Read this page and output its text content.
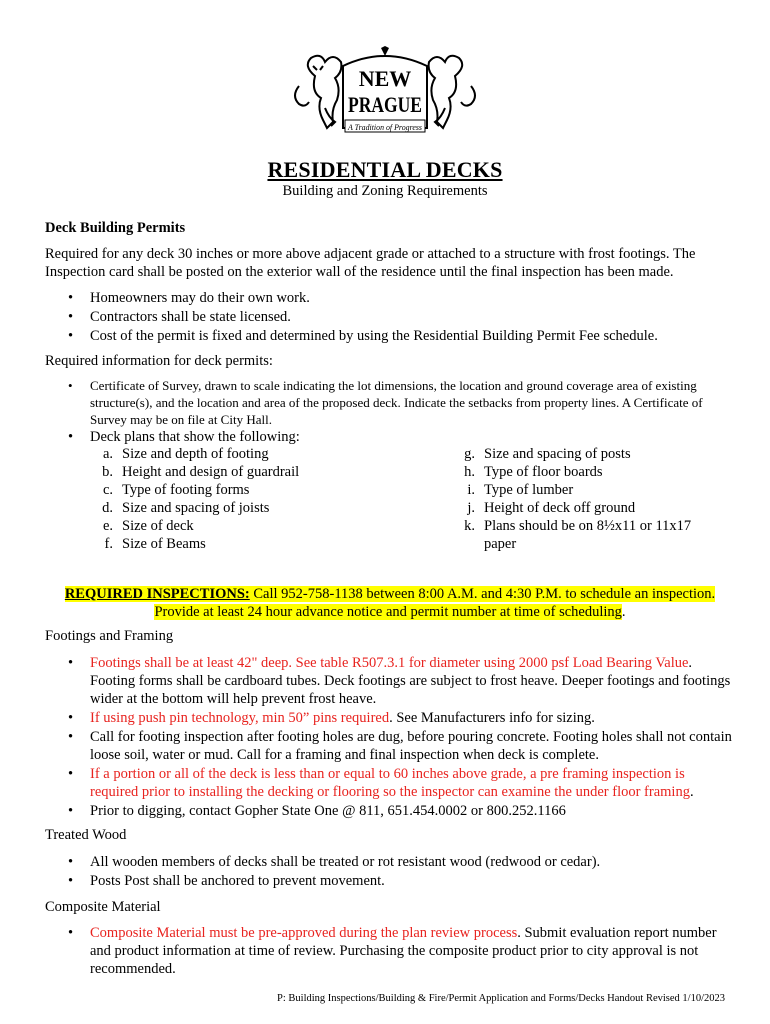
NEW
PRAGUE
A Tradition of Progress
RESIDENTIAL DECKS
Building and Zoning Requirements

Deck Building Permits

Required for any deck 30 inches or more above adjacent grade or attached to a structure with frost footings. The Inspection card shall be posted on the exterior wall of the residence until the final inspection has been made.

• Homeowners may do their own work.
• Contractors shall be state licensed.
• Cost of the permit is fixed and determined by using the Residential Building Permit Fee schedule.

Required information for deck permits:

• Certificate of Survey, drawn to scale indicating the lot dimensions, the location and ground coverage area of existing structure(s), and the location and area of the proposed deck. Indicate the setbacks from property lines. A Certificate of Survey may be on file at City Hall.
• Deck plans that show the following:
a. Size and depth of footing
b. Height and design of guardrail
c. Type of footing forms
d. Size and spacing of joists
e. Size of deck
f. Size of Beams
g. Size and spacing of posts
h. Type of floor boards
i. Type of lumber
j. Height of deck off ground
k. Plans should be on 8½x11 or 11x17 paper
REQUIRED INSPECTIONS: Call 952-758-1138 between 8:00 A.M. and 4:30 P.M. to schedule an inspection. Provide at least 24 hour advance notice and permit number at time of scheduling.

Footings and Framing

• Footings shall be at least 42" deep. See table R507.3.1 for diameter using 2000 psf Load Bearing Value. Footing forms shall be cardboard tubes. Deck footings are subject to frost heave. Deeper footings and footings wider at the bottom will help prevent frost heave.
• If using push pin technology, min 50” pins required. See Manufacturers info for sizing.
• Call for footing inspection after footing holes are dug, before pouring concrete. Footing holes shall not contain loose soil, water or mud. Call for a framing and final inspection when deck is complete.
• If a portion or all of the deck is less than or equal to 60 inches above grade, a pre framing inspection is required prior to installing the decking or flooring so the inspector can examine the under floor framing.
• Prior to digging, contact Gopher State One @ 811, 651.454.0002 or 800.252.1166

Treated Wood

• All wooden members of decks shall be treated or rot resistant wood (redwood or cedar).
• Posts Post shall be anchored to prevent movement.

Composite Material

• Composite Material must be pre-approved during the plan review process. Submit evaluation report number and product information at time of review. Purchasing the composite product prior to city approval is not recommended.
P: Building Inspections/Building & Fire/Permit Application and Forms/Decks Handout Revised 1/10/2023
